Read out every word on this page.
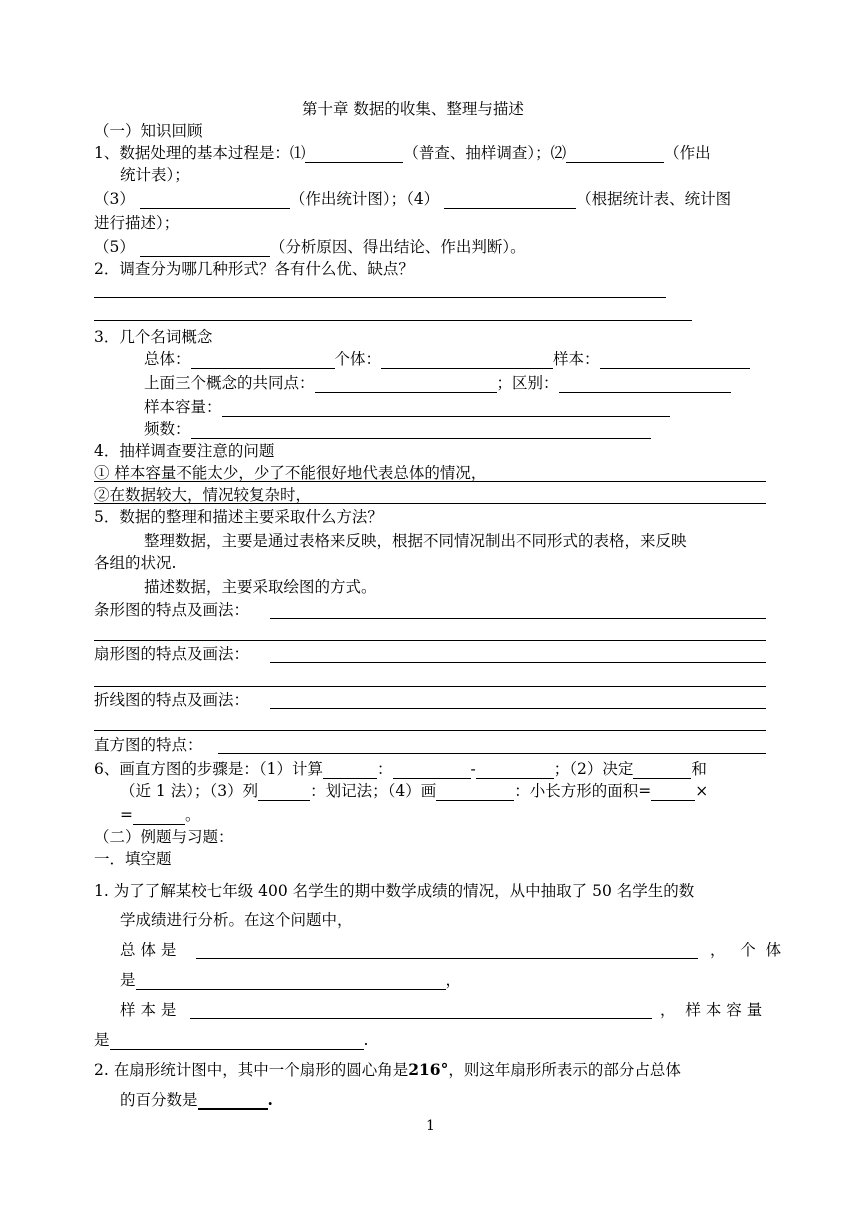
第十章 数据的收集、整理与描述
（一）知识回顾
1、数据处理的基本过程是：⑴	（普查、抽样调查）；⑵	（作出
统计表）；
（3）	（作出统计图）；（4）	（根据统计表、统计图
进行描述）；
（5）	（分析原因、得出结论、作出判断）。
2．调查分为哪几种形式？各有什么优、缺点？
3．几个名词概念
总体：	个体：	样本：
上面三个概念的共同点：	；区别：
样本容量：
频数：
4．抽样调查要注意的问题
① 样本容量不能太少，少了不能很好地代表总体的情况，
②在数据较大，情况较复杂时，
5．数据的整理和描述主要采取什么方法？
整理数据，主要是通过表格来反映，根据不同情况制出不同形式的表格，来反映
各组的状况.
描述数据，主要采取绘图的方式。
条形图的特点及画法：
扇形图的特点及画法：
折线图的特点及画法：
直方图的特点：
6、画直方图的步骤是：（1）计算	：	-	；（2）决定	和
（近 1 法）；（3）列	：划记法；（4）画	：小长方形的面积=	×
=	。
（二）例题与习题：
一．填空题
1. 为了了解某校七年级 400 名学生的期中数学成绩的情况，从中抽取了 50 名学生的数
学成绩进行分析。在这个问题中，
总 体 是	， 个 体
是	，
样 本 是	， 样 本 容 量
是	.
2. 在扇形统计图中，其中一个扇形的圆心角是216°，则这年扇形所表示的部分占总体
的百分数是	.
1
